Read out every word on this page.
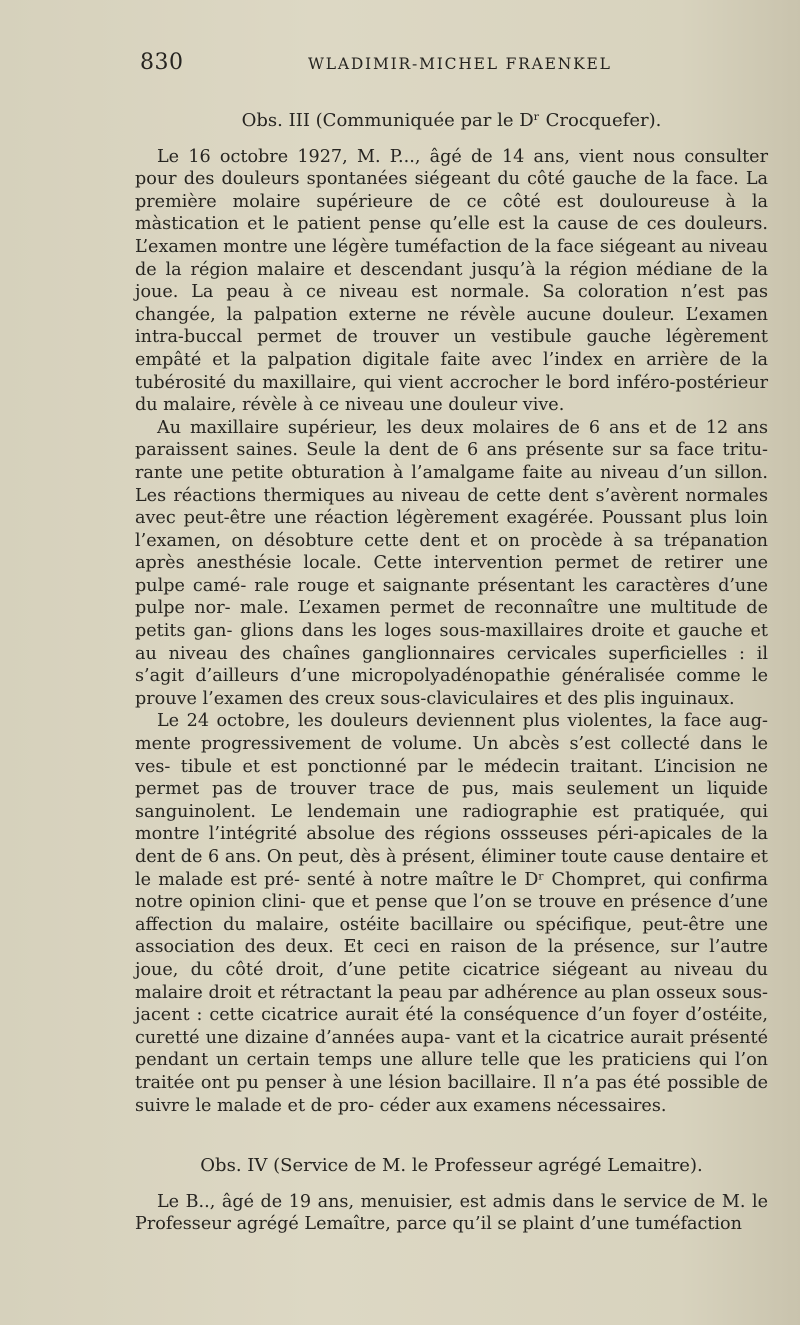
830	WLADIMIR-MICHEL FRAENKEL
Obs. III (Communiquée par le Dʳ Crocquefer).

Le 16 octobre 1927, M. P..., âgé de 14 ans, vient nous consulter pour des douleurs spontanées siégeant du côté gauche de la face. La première molaire supérieure de ce côté est douloureuse à la màstication et le patient pense qu’elle est la cause de ces douleurs. L’examen montre une légère tuméfaction de la face siégeant au niveau de la région malaire et descendant jusqu’à la région médiane de la joue. La peau à ce niveau est normale. Sa coloration n’est pas changée, la palpation externe ne révèle aucune douleur. L’examen intra-buccal permet de trouver un vestibule gauche légèrement empâté et la palpation digitale faite avec l’index en arrière de la tubérosité du maxillaire, qui vient accrocher le bord inféro-postérieur du malaire, révèle à ce niveau une douleur vive.

Au maxillaire supérieur, les deux molaires de 6 ans et de 12 ans paraissent saines. Seule la dent de 6 ans présente sur sa face tritu- rante une petite obturation à l’amalgame faite au niveau d’un sillon. Les réactions thermiques au niveau de cette dent s’avèrent normales avec peut-être une réaction légèrement exagérée. Poussant plus loin l’examen, on désobture cette dent et on procède à sa trépanation après anesthésie locale. Cette intervention permet de retirer une pulpe camé- rale rouge et saignante présentant les caractères d’une pulpe nor- male. L’examen permet de reconnaître une multitude de petits gan- glions dans les loges sous-maxillaires droite et gauche et au niveau des chaînes ganglionnaires cervicales superficielles : il s’agit d’ailleurs d’une micropolyadénopathie généralisée comme le prouve l’examen des creux sous-claviculaires et des plis inguinaux.

Le 24 octobre, les douleurs deviennent plus violentes, la face aug- mente progressivement de volume. Un abcès s’est collecté dans le ves- tibule et est ponctionné par le médecin traitant. L’incision ne permet pas de trouver trace de pus, mais seulement un liquide sanguinolent. Le lendemain une radiographie est pratiquée, qui montre l’intégrité absolue des régions ossseuses péri-apicales de la dent de 6 ans. On peut, dès à présent, éliminer toute cause dentaire et le malade est pré- senté à notre maître le Dʳ Chompret, qui confirma notre opinion clini- que et pense que l’on se trouve en présence d’une affection du malaire, ostéite bacillaire ou spécifique, peut-être une association des deux. Et ceci en raison de la présence, sur l’autre joue, du côté droit, d’une petite cicatrice siégeant au niveau du malaire droit et rétractant la peau par adhérence au plan osseux sous-jacent : cette cicatrice aurait été la conséquence d’un foyer d’ostéite, curetté une dizaine d’années aupa- vant et la cicatrice aurait présenté pendant un certain temps une allure telle que les praticiens qui l’on traitée ont pu penser à une lésion bacillaire. Il n’a pas été possible de suivre le malade et de pro- céder aux examens nécessaires.

Obs. IV (Service de M. le Professeur agrégé Lemaitre).

Le B.., âgé de 19 ans, menuisier, est admis dans le service de M. le Professeur agrégé Lemaître, parce qu’il se plaint d’une tuméfaction
